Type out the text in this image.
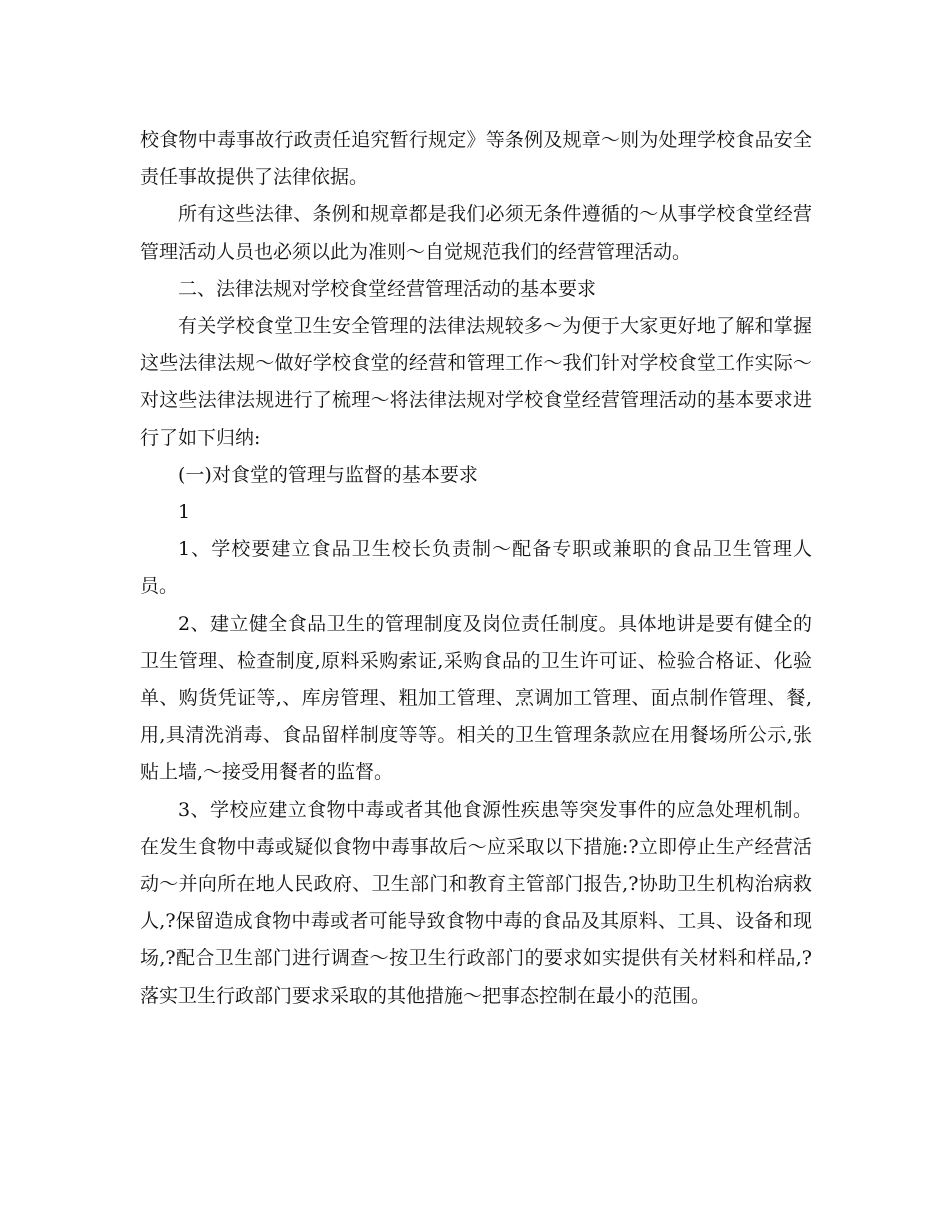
校食物中毒事故行政责任追究暂行规定》等条例及规章～则为处理学校食品安全责任事故提供了法律依据。

所有这些法律、条例和规章都是我们必须无条件遵循的～从事学校食堂经营管理活动人员也必须以此为准则～自觉规范我们的经营管理活动。

二、法律法规对学校食堂经营管理活动的基本要求

有关学校食堂卫生安全管理的法律法规较多～为便于大家更好地了解和掌握这些法律法规～做好学校食堂的经营和管理工作～我们针对学校食堂工作实际～对这些法律法规进行了梳理～将法律法规对学校食堂经营管理活动的基本要求进行了如下归纳:

(一)对食堂的管理与监督的基本要求

1

1、学校要建立食品卫生校长负责制～配备专职或兼职的食品卫生管理人员。

2、建立健全食品卫生的管理制度及岗位责任制度。具体地讲是要有健全的卫生管理、检查制度,原料采购索证,采购食品的卫生许可证、检验合格证、化验单、购货凭证等,、库房管理、粗加工管理、烹调加工管理、面点制作管理、餐,用,具清洗消毒、食品留样制度等等。相关的卫生管理条款应在用餐场所公示,张贴上墙,～接受用餐者的监督。

3、学校应建立食物中毒或者其他食源性疾患等突发事件的应急处理机制。在发生食物中毒或疑似食物中毒事故后～应采取以下措施:?立即停止生产经营活动～并向所在地人民政府、卫生部门和教育主管部门报告,?协助卫生机构治病救人,?保留造成食物中毒或者可能导致食物中毒的食品及其原料、工具、设备和现场,?配合卫生部门进行调查～按卫生行政部门的要求如实提供有关材料和样品,?落实卫生行政部门要求采取的其他措施～把事态控制在最小的范围。
